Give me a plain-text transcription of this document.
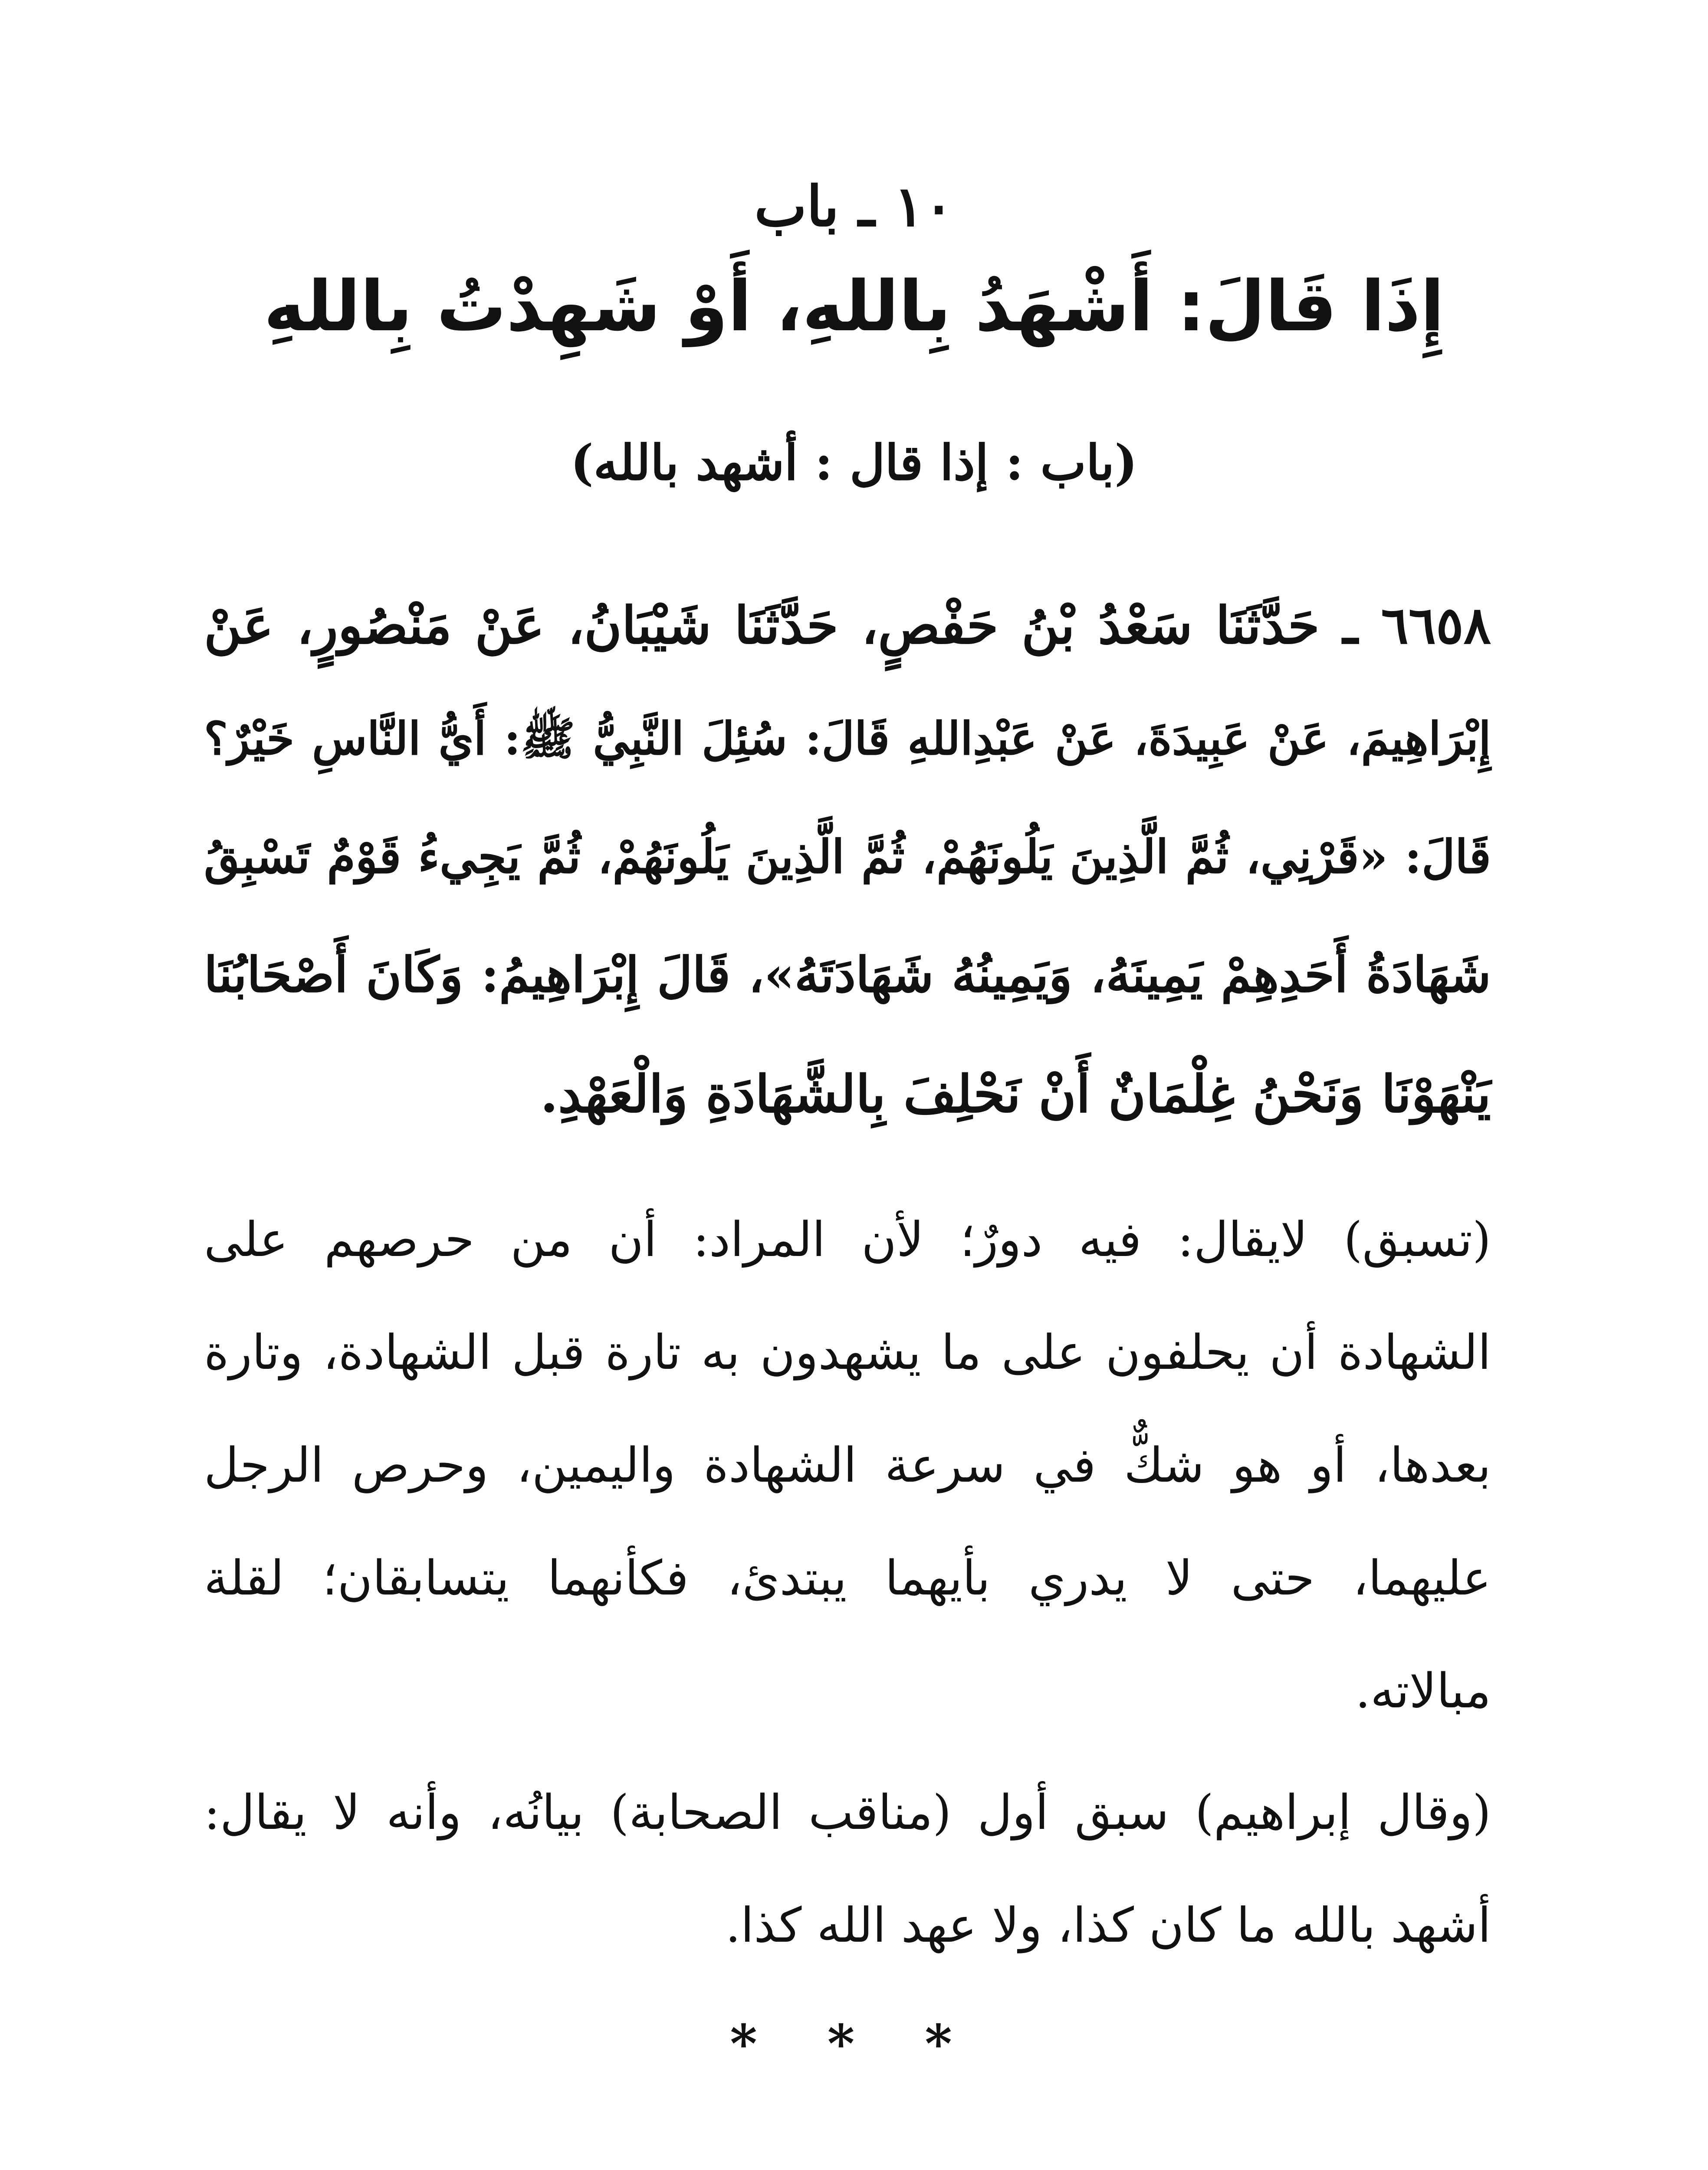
١٠ ـ باب
إِذَا قَالَ: أَشْهَدُ بِاللهِ، أَوْ شَهِدْتُ بِاللهِ
(باب : إذا قال : أشهد بالله)
٦٦٥٨ ـ حَدَّثَنَا سَعْدُ بْنُ حَفْصٍ، حَدَّثَنَا شَيْبَانُ، عَنْ مَنْصُورٍ، عَنْ
إِبْرَاهِيمَ، عَنْ عَبِيدَةَ، عَنْ عَبْدِاللهِ قَالَ: سُئِلَ النَّبِيُّ ﷺ: أَيُّ النَّاسِ خَيْرٌ؟
قَالَ: «قَرْنِي، ثُمَّ الَّذِينَ يَلُونَهُمْ، ثُمَّ الَّذِينَ يَلُونَهُمْ، ثُمَّ يَجِيءُ قَوْمٌ تَسْبِقُ
شَهَادَةُ أَحَدِهِمْ يَمِينَهُ، وَيَمِينُهُ شَهَادَتَهُ»، قَالَ إِبْرَاهِيمُ: وَكَانَ أَصْحَابُنَا
يَنْهَوْنَا وَنَحْنُ غِلْمَانٌ أَنْ نَحْلِفَ بِالشَّهَادَةِ وَالْعَهْدِ.
(تسبق) لايقال: فيه دورٌ؛ لأن المراد: أن من حرصهم على
الشهادة أن يحلفون على ما يشهدون به تارة قبل الشهادة، وتارة
بعدها، أو هو شكٌّ في سرعة الشهادة واليمين، وحرص الرجل
عليهما، حتى لا يدري بأيهما يبتدئ، فكأنهما يتسابقان؛ لقلة
مبالاته.
(وقال إبراهيم) سبق أول (مناقب الصحابة) بيانُه، وأنه لا يقال:
أشهد بالله ما كان كذا، ولا عهد الله كذا.
* * *
